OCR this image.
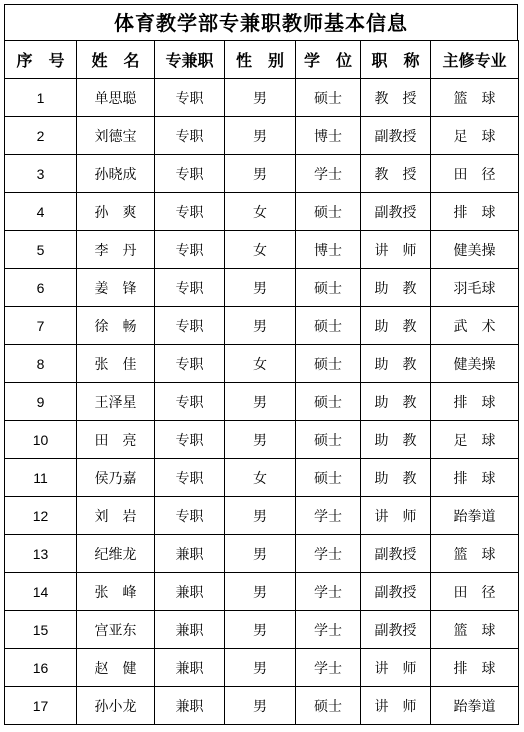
体育教学部专兼职教师基本信息
序　号	姓　名	专兼职	性　别	学　位	职　称	主修专业
1	单思聪	专职	男	硕士	教　授	篮　球
2	刘德宝	专职	男	博士	副教授	足　球
3	孙晓成	专职	男	学士	教　授	田　径
4	孙　爽	专职	女	硕士	副教授	排　球
5	李　丹	专职	女	博士	讲　师	健美操
6	姜　锋	专职	男	硕士	助　教	羽毛球
7	徐　畅	专职	男	硕士	助　教	武　术
8	张　佳	专职	女	硕士	助　教	健美操
9	王泽星	专职	男	硕士	助　教	排　球
10	田　亮	专职	男	硕士	助　教	足　球
11	侯乃嘉	专职	女	硕士	助　教	排　球
12	刘　岩	专职	男	学士	讲　师	跆拳道
13	纪维龙	兼职	男	学士	副教授	篮　球
14	张　峰	兼职	男	学士	副教授	田　径
15	宫亚东	兼职	男	学士	副教授	篮　球
16	赵　健	兼职	男	学士	讲　师	排　球
17	孙小龙	兼职	男	硕士	讲　师	跆拳道
